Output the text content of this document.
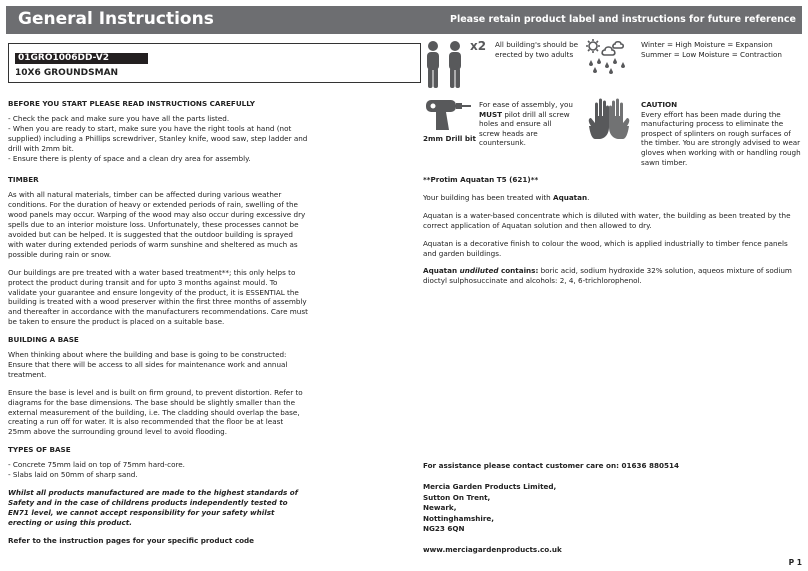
General Instructions	Please retain product label and instructions for future reference
01GRO1006DD-V2
10X6 GROUNDSMAN

BEFORE YOU START PLEASE READ INSTRUCTIONS CAREFULLY

- Check the pack and make sure you have all the parts listed.

- When you are ready to start, make sure you have the right tools at hand (not supplied) including a Phillips screwdriver, Stanley knife, wood saw, step ladder and drill with 2mm bit.

- Ensure there is plenty of space and a clean dry area for assembly.

TIMBER

As with all natural materials, timber can be affected during various weather conditions. For the duration of heavy or extended periods of rain, swelling of the wood panels may occur. Warping of the wood may also occur during excessive dry spells due to an interior moisture loss. Unfortunately, these processes cannot be avoided but can be helped. It is suggested that the outdoor building is sprayed with water during extended periods of warm sunshine and sheltered as much as possible during rain or snow.

Our buildings are pre treated with a water based treatment**; this only helps to protect the product during transit and for upto 3 months against mould. To validate your guarantee and ensure longevity of the product, it is ESSENTIAL the building is treated with a wood preserver within the first three months of assembly and thereafter in accordance with the manufacturers recommendations. Care must be taken to ensure the product is placed on a suitable base.

BUILDING A BASE

When thinking about where the building and base is going to be constructed: Ensure that there will be access to all sides for maintenance work and annual treatment.

Ensure the base is level and is built on firm ground, to prevent distortion. Refer to diagrams for the base dimensions. The base should be slightly smaller than the external measurement of the building, i.e. The cladding should overlap the base, creating a run off for water. It is also recommended that the floor be at least 25mm above the surrounding ground level to avoid flooding.

TYPES OF BASE

- Concrete 75mm laid on top of 75mm hard-core.

- Slabs laid on 50mm of sharp sand.

Whilst all products manufactured are made to the highest standards of Safety and in the case of childrens products independently tested to EN71 level, we cannot accept responsibility for your safety whilst erecting or using this product.

Refer to the instruction pages for your specific product code

x2 All building's should be erected by two adults
Winter = High Moisture = Expansion
Summer = Low Moisture = Contraction
2mm Drill bit
For ease of assembly, you MUST pilot drill all screw holes and ensure all screw heads are countersunk.
CAUTION
Every effort has been made during the manufacturing process to eliminate the prospect of splinters on rough surfaces of the timber. You are strongly advised to wear gloves when working with or handling rough sawn timber.

**Protim Aquatan T5 (621)**

Your building has been treated with Aquatan.

Aquatan is a water-based concentrate which is diluted with water, the building as been treated by the correct application of Aquatan solution and then allowed to dry.

Aquatan is a decorative finish to colour the wood, which is applied industrially to timber fence panels and garden buildings.

Aquatan undiluted contains: boric acid, sodium hydroxide 32% solution, aqueos mixture of sodium dioctyl sulphosuccinate and alcohols: 2, 4, 6-trichlorophenol.

For assistance please contact customer care on: 01636 880514

Mercia Garden Products Limited,
Sutton On Trent,
Newark,
Nottinghamshire,
NG23 6QN

www.merciagardenproducts.co.uk

P 1
